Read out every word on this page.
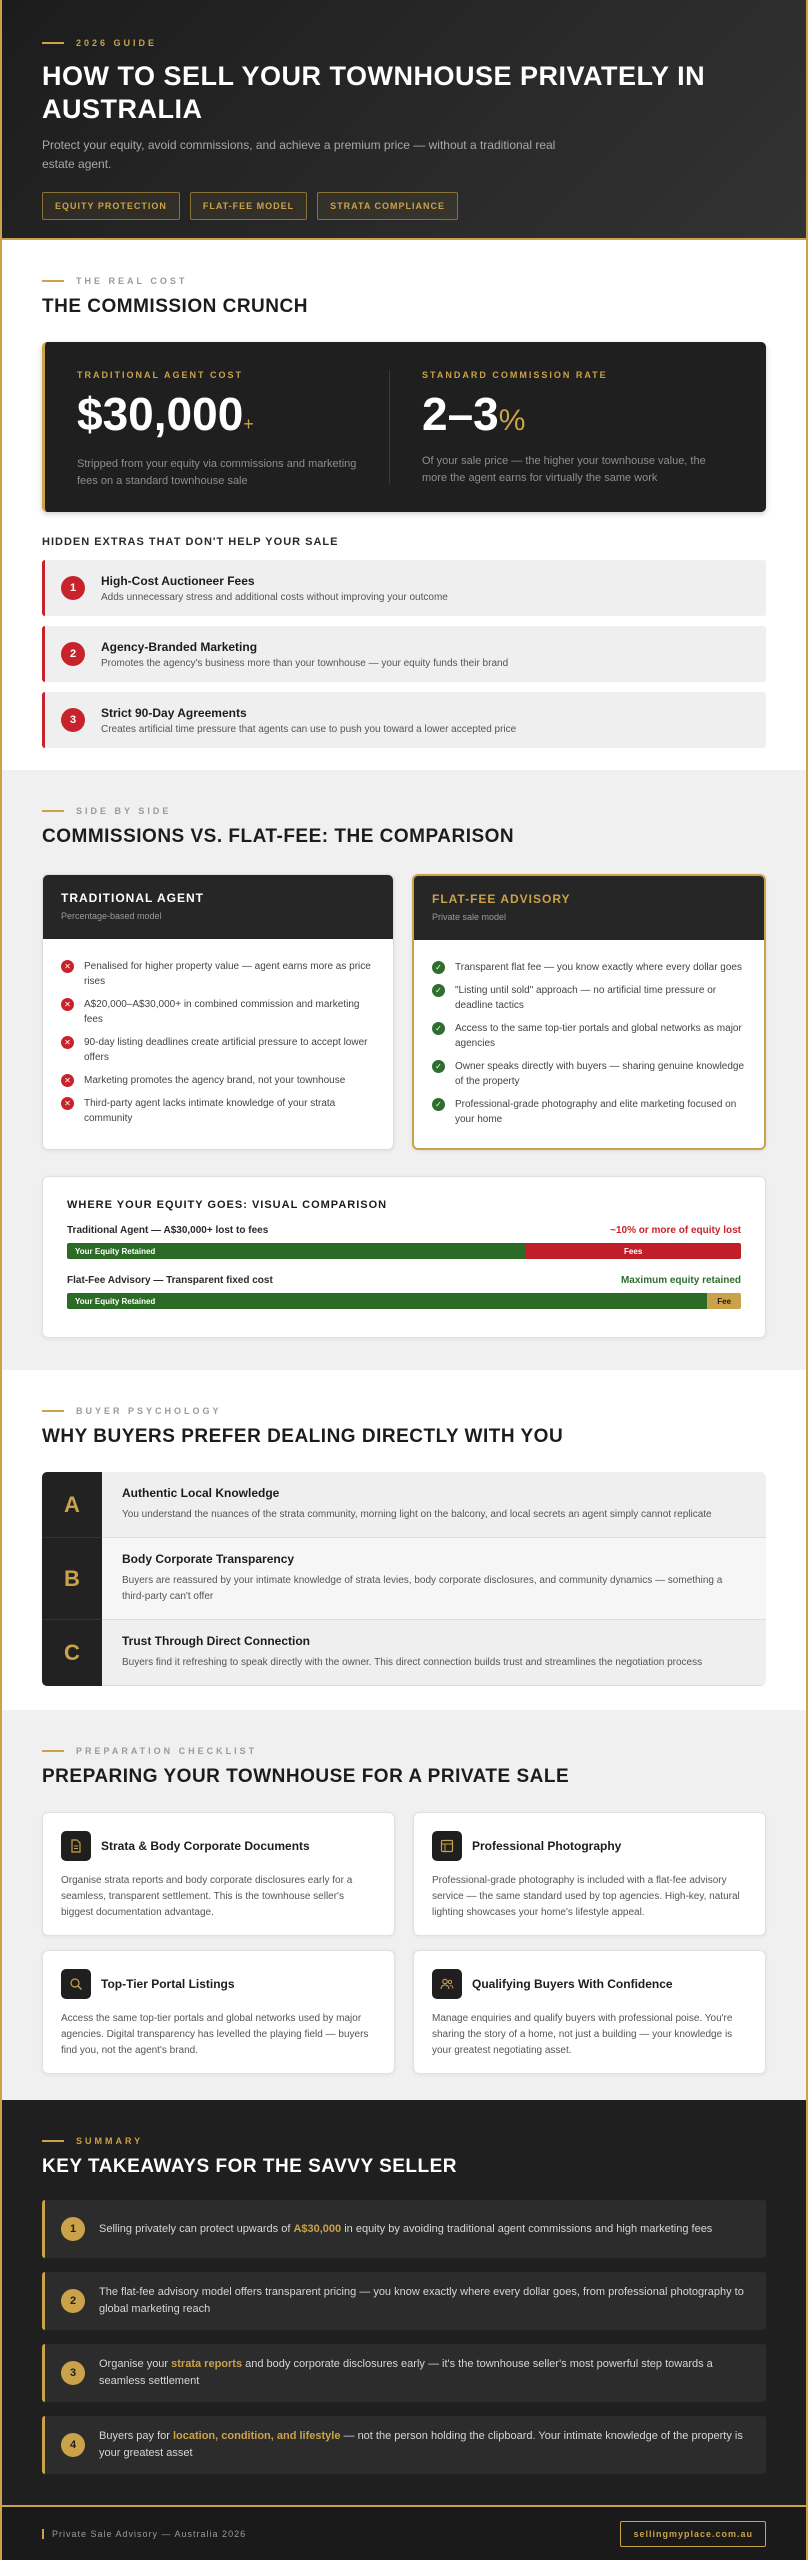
2026 GUIDE
HOW TO SELL YOUR TOWNHOUSE PRIVATELY IN AUSTRALIA

Protect your equity, avoid commissions, and achieve a premium price — without a traditional real estate agent.

EQUITY PROTECTION	FLAT-FEE MODEL	STRATA COMPLIANCE
THE REAL COST
THE COMMISSION CRUNCH
TRADITIONAL AGENT COST
$30,000+
Stripped from your equity via commissions and marketing fees on a standard townhouse sale
STANDARD COMMISSION RATE
2–3%
Of your sale price — the higher your townhouse value, the more the agent earns for virtually the same work
HIDDEN EXTRAS THAT DON'T HELP YOUR SALE
1
High-Cost Auctioneer Fees
Adds unnecessary stress and additional costs without improving your outcome
2
Agency-Branded Marketing
Promotes the agency's business more than your townhouse — your equity funds their brand
3
Strict 90-Day Agreements
Creates artificial time pressure that agents can use to push you toward a lower accepted price
SIDE BY SIDE
COMMISSIONS VS. FLAT-FEE: THE COMPARISON
TRADITIONAL AGENT
Percentage-based model
✕	Penalised for higher property value — agent earns more as price rises
✕	A$20,000–A$30,000+ in combined commission and marketing fees
✕	90-day listing deadlines create artificial pressure to accept lower offers
✕	Marketing promotes the agency brand, not your townhouse
✕	Third-party agent lacks intimate knowledge of your strata community
FLAT-FEE ADVISORY
Private sale model
✓	Transparent flat fee — you know exactly where every dollar goes
✓	"Listing until sold" approach — no artificial time pressure or deadline tactics
✓	Access to the same top-tier portals and global networks as major agencies
✓	Owner speaks directly with buyers — sharing genuine knowledge of the property
✓	Professional-grade photography and elite marketing focused on your home
WHERE YOUR EQUITY GOES: VISUAL COMPARISON
Traditional Agent — A$30,000+ lost to fees	~10% or more of equity lost
Your Equity Retained	Fees
Flat-Fee Advisory — Transparent fixed cost	Maximum equity retained
Your Equity Retained	Fee
BUYER PSYCHOLOGY
WHY BUYERS PREFER DEALING DIRECTLY WITH YOU
A	Authentic Local Knowledge
You understand the nuances of the strata community, morning light on the balcony, and local secrets an agent simply cannot replicate
B
Body Corporate Transparency
Buyers are reassured by your intimate knowledge of strata levies, body corporate disclosures, and community dynamics — something a third-party can't offer
C	Trust Through Direct Connection
Buyers find it refreshing to speak directly with the owner. This direct connection builds trust and streamlines the negotiation process
PREPARATION CHECKLIST
PREPARING YOUR TOWNHOUSE FOR A PRIVATE SALE
Strata & Body Corporate Documents
Organise strata reports and body corporate disclosures early for a seamless, transparent settlement. This is the townhouse seller's biggest documentation advantage.
Professional Photography
Professional-grade photography is included with a flat-fee advisory service — the same standard used by top agencies. High-key, natural lighting showcases your home's lifestyle appeal.
Top-Tier Portal Listings
Access the same top-tier portals and global networks used by major agencies. Digital transparency has levelled the playing field — buyers find you, not the agent's brand.
Qualifying Buyers With Confidence
Manage enquiries and qualify buyers with professional poise. You're sharing the story of a home, not just a building — your knowledge is your greatest negotiating asset.
SUMMARY
KEY TAKEAWAYS FOR THE SAVVY SELLER
1	Selling privately can protect upwards of A$30,000 in equity by avoiding traditional agent commissions and high marketing fees
2
The flat-fee advisory model offers transparent pricing — you know exactly where every dollar goes, from professional photography to global marketing reach
3
Organise your strata reports and body corporate disclosures early — it's the townhouse seller's most powerful step towards a seamless settlement
4
Buyers pay for location, condition, and lifestyle — not the person holding the clipboard. Your intimate knowledge of the property is your greatest asset
Private Sale Advisory — Australia 2026	sellingmyplace.com.au
